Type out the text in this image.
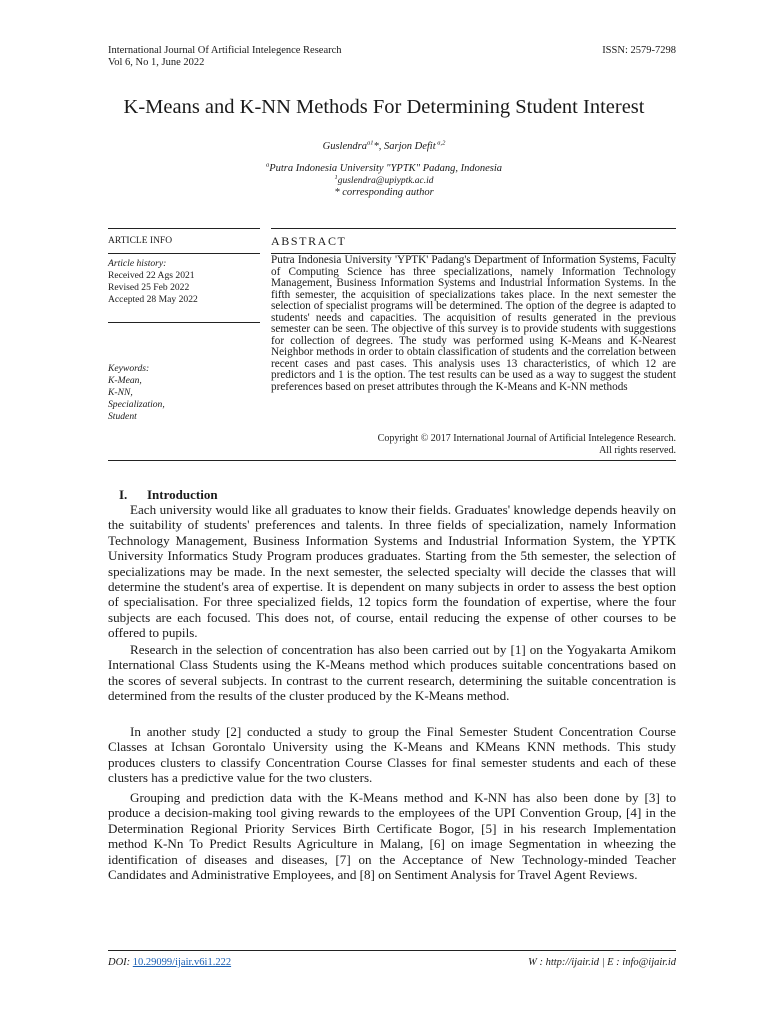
International Journal Of Artificial Intelegence Research
Vol 6, No 1, June 2022
ISSN: 2579-7298
K-Means and K-NN Methods For Determining Student Interest
Guslendra$^{a1}$*, Sarjon Defit $^{a,2}$
$^a$Putra Indonesia University "YPTK" Padang, Indonesia
$^1$guslendra@upiyptk.ac.id
* corresponding author
ARTICLE INFO	ABSTRACT
Article history:
Received 22 Ags 2021
Revised 25 Feb 2022
Accepted 28 May 2022
Keywords:
K-Mean,
K-NN,
Specialization,
Student
Putra Indonesia University 'YPTK' Padang's Department of Information Systems, Faculty of Computing Science has three specializations, namely Information Technology Management, Business Information Systems and Industrial Information Systems. In the fifth semester, the acquisition of specializations takes place. In the next semester the selection of specialist programs will be determined. The option of the degree is adapted to students' needs and capacities. The acquisition of results generated in the previous semester can be seen. The objective of this survey is to provide students with suggestions for collection of degrees. The study was performed using K-Means and K-Nearest Neighbor methods in order to obtain classification of students and the correlation between recent cases and past cases. This analysis uses 13 characteristics, of which 12 are predictors and 1 is the option. The test results can be used as a way to suggest the student preferences based on preset attributes through the K-Means and K-NN methods
Copyright © 2017 International Journal of Artificial Intelegence Research.
All rights reserved.
I. Introduction

Each university would like all graduates to know their fields. Graduates' knowledge depends heavily on the suitability of students' preferences and talents. In three fields of specialization, namely Information Technology Management, Business Information Systems and Industrial Information System, the YPTK University Informatics Study Program produces graduates. Starting from the 5th semester, the selection of specializations may be made. In the next semester, the selected specialty will decide the classes that will determine the student's area of expertise. It is dependent on many subjects in order to assess the best option of specialisation. For three specialized fields, 12 topics form the foundation of expertise, where the four subjects are each focused. This does not, of course, entail reducing the expense of other courses to be offered to pupils.

Research in the selection of concentration has also been carried out by [1] on the Yogyakarta Amikom International Class Students using the K-Means method which produces suitable concentrations based on the scores of several subjects. In contrast to the current research, determining the suitable concentration is determined from the results of the cluster produced by the K-Means method.

In another study [2] conducted a study to group the Final Semester Student Concentration Course Classes at Ichsan Gorontalo University using the K-Means and KMeans KNN methods. This study produces clusters to classify Concentration Course Classes for final semester students and each of these clusters has a predictive value for the two clusters.

Grouping and prediction data with the K-Means method and K-NN has also been done by [3] to produce a decision-making tool giving rewards to the employees of the UPI Convention Group, [4] in the Determination Regional Priority Services Birth Certificate Bogor, [5] in his research Implementation method K-Nn To Predict Results Agriculture in Malang, [6] on image Segmentation in wheezing the identification of diseases and diseases, [7] on the Acceptance of New Technology-minded Teacher Candidates and Administrative Employees, and [8] on Sentiment Analysis for Travel Agent Reviews.

DOI: 10.29099/ijair.v6i1.222	W : http://ijair.id | E : info@ijair.id
